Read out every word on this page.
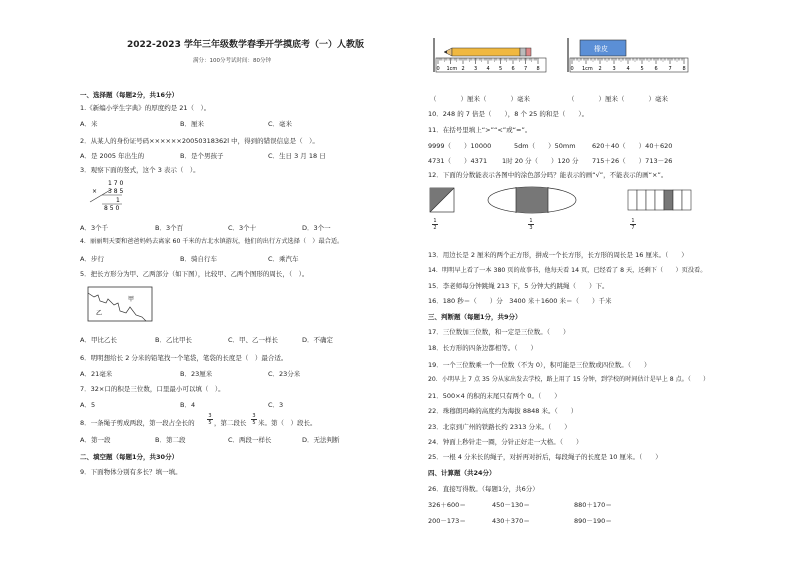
2022-2023 学年三年级数学春季开学摸底考（一）人教版
满分：100分考试时间：80分钟
一、选择题（每题2分，共16分）
1.《新编小学生字典》的厚度约是 21（　）。
A．米	B．厘米	C．毫米
2．从某人的身份证号码××××××20050318362l 中，得到的错误信息是（　）。
A．是 2005 年出生的	B．是个男孩子	C．生日 3 月 18 日
3．观察下面的竖式，这个 3 表示（　）。
1 7 0
3 8 5
×
1
8 5 0
A．3个千	B．3个百	C．3个十	D．3个一
4．丽丽明天要和爸爸妈妈去离家 60 千米的古北水镇游玩，他们的出行方式选择（　）最合适。
A．步行	B．骑自行车	C．乘汽车
5．把长方形分为甲、乙两部分（如下图），比较甲、乙两个图形的周长，（　）。
甲
乙
A．甲比乙长	B．乙比甲长	C．甲、乙一样长	D．不确定
6．明明想给长 2 分米的铅笔找一个笔袋，笔袋的长度是（　）最合适。
A．21毫米	B．23厘米	C．23分米
7．32×口的积是三位数，口里最小可以填（　）。
A．5	B．4	C．3
8．一条绳子剪成两段，第一段占全长的 $\frac{3}{5}$ ，第二段长 $\frac{3}{5}$ 米。第（　）段长。
A．第一段	B．第二段	C．两段一样长	D．无法判断
二、填空题（每题1分，共30分）
9．下面物体分别有多长？填一填。
0 1cm 2 3 4 5 6 7 8
橡皮
0 1cm 2 3 4 5 6 7 8
（	）厘米（	）毫米	（	）厘米（	）毫米
10．248 的 7 倍是（　　），8 个 25 的和是（　　）。
11．在括号里填上“>”“<”或“=”。
9999（　　）10000	5dm（　　）50mm	620＋40（　　）40＋620
4731（　　）4371 1时 20 分（　　）120 分 715＋26（　　）713－26
12．下面的分数能表示各图中的涂色部分吗？能表示的画“√”，不能表示的画“×”。
$\frac{1}{2}$	$\frac{1}{3}$	$\frac{1}{7}$
13．用边长是 2 厘米的两个正方形，拼成一个长方形，长方形的周长是 16 厘米。（　　）
14．明明早上看了一本 380 页的故事书，他每天看 14 页，已经看了 8 天，还剩下（　　）页没看。
15．李老师每分钟跳绳 213 下，5 分钟大约跳绳（　　）下。
16．180 秒＝（　　）分　3400 米＋1600 米＝（　　）千米
三、判断题（每题1分，共9分）
17．三位数加三位数，和一定是三位数。（　　）
18．长方形的四条边都相等。（　　）
19．一个三位数乘一个一位数（不为 0），积可能是三位数或四位数。（　　）
20．小明早上 7 点 35 分从家出发去学校，路上用了 15 分钟，到学校的时间估计是早上 8 点。（　　）
21．500×4 的积的末尾只有两个 0。（　　）
22．珠穆朗玛峰的高度约为海拔 8848 米。（　　）
23．北京到广州的铁路长约 2313 分米。（　　）
24．钟面上秒针走一圈，分针正好走一大格。（　　）
25．一根 4 分米长的绳子，对折再对折后，每段绳子的长度是 10 厘米。（　　）
四、计算题（共24分）
26．直接写得数。（每题1分，共6分）
326＋600＝	450－130＝	880＋170＝
200－173＝	430＋370＝	890－190＝
